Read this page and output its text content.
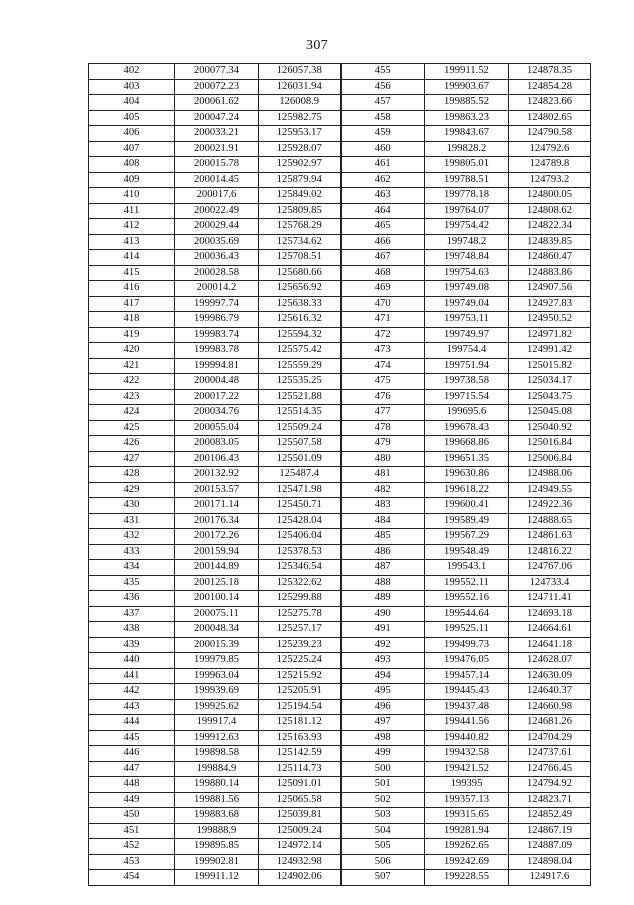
307
402	200077.34	126057.38	455	199911.52	124878.35
403	200072.23	126031.94	456	199903.67	124854.28
404	200061.62	126008.9	457	199885.52	124823.66
405	200047.24	125982.75	458	199863.23	124802.65
406	200033.21	125953.17	459	199843.67	124790.58
407	200021.91	125928.07	460	199828.2	124792.6
408	200015.78	125902.97	461	199805.01	124789.8
409	200014.45	125879.94	462	199788.51	124793.2
410	200017.6	125849.02	463	199778.18	124800.05
411	200022.49	125809.85	464	199764.07	124808.62
412	200029.44	125768.29	465	199754.42	124822.34
413	200035.69	125734.62	466	199748.2	124839.85
414	200036.43	125708.51	467	199748.84	124860.47
415	200028.58	125680.66	468	199754.63	124883.86
416	200014.2	125656.92	469	199749.08	124907.56
417	199997.74	125638.33	470	199749.04	124927.83
418	199986.79	125616.32	471	199753.11	124950.52
419	199983.74	125594.32	472	199749.97	124971.82
420	199983.78	125575.42	473	199754.4	124991.42
421	199994.81	125559.29	474	199751.94	125015.82
422	200004.48	125535.25	475	199738.58	125034.17
423	200017.22	125521.88	476	199715.54	125043.75
424	200034.76	125514.35	477	199695.6	125045.08
425	200055.04	125509.24	478	199678.43	125040.92
426	200083.05	125507.58	479	199668.86	125016.84
427	200106.43	125501.09	480	199651.35	125006.84
428	200132.92	125487.4	481	199630.86	124988.06
429	200153.57	125471.98	482	199618.22	124949.55
430	200171.14	125450.71	483	199600.41	124922.36
431	200176.34	125428.04	484	199589.49	124888.65
432	200172.26	125406.04	485	199567.29	124861.63
433	200159.94	125378.53	486	199548.49	124816.22
434	200144.89	125346.54	487	199543.1	124767.06
435	200125.18	125322.62	488	199552.11	124733.4
436	200100.14	125299.88	489	199552.16	124711.41
437	200075.11	125275.78	490	199544.64	124693.18
438	200048.34	125257.17	491	199525.11	124664.61
439	200015.39	125239.23	492	199499.73	124641.18
440	199979.85	125225.24	493	199476.05	124628.07
441	199963.04	125215.92	494	199457.14	124630.09
442	199939.69	125205.91	495	199445.43	124640.37
443	199925.62	125194.54	496	199437.48	124660.98
444	199917.4	125181.12	497	199441.56	124681.26
445	199912.63	125163.93	498	199440.82	124704.29
446	199898.58	125142.59	499	199432.58	124737.61
447	199884.9	125114.73	500	199421.52	124766.45
448	199880.14	125091.01	501	199395	124794.92
449	199881.56	125065.58	502	199357.13	124823.71
450	199883.68	125039.81	503	199315.65	124852.49
451	199888.9	125009.24	504	199281.94	124867.19
452	199895.85	124972.14	505	199262.65	124887.09
453	199902.81	124932.98	506	199242.69	124898.04
454	199911.12	124902.06	507	199228.55	124917.6
